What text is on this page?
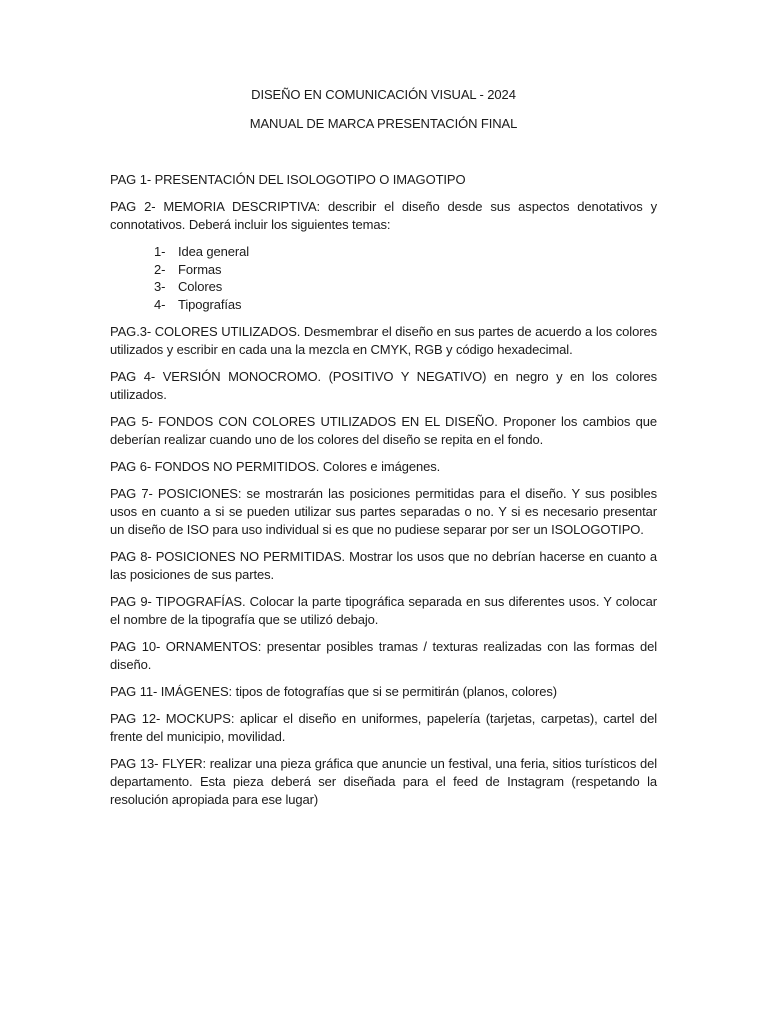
DISEÑO EN COMUNICACIÓN VISUAL - 2024

MANUAL DE MARCA PRESENTACIÓN FINAL

PAG 1- PRESENTACIÓN DEL ISOLOGOTIPO O IMAGOTIPO

PAG 2- MEMORIA DESCRIPTIVA: describir el diseño desde sus aspectos denotativos y connotativos. Deberá incluir los siguientes temas:

1- Idea general
2- Formas
3- Colores
4- Tipografías

PAG.3- COLORES UTILIZADOS. Desmembrar el diseño en sus partes de acuerdo a los colores utilizados y escribir en cada una la mezcla en CMYK, RGB y código hexadecimal.

PAG 4- VERSIÓN MONOCROMO. (POSITIVO Y NEGATIVO) en negro y en los colores utilizados.

PAG 5- FONDOS CON COLORES UTILIZADOS EN EL DISEÑO. Proponer los cambios que deberían realizar cuando uno de los colores del diseño se repita en el fondo.

PAG 6- FONDOS NO PERMITIDOS. Colores e imágenes.

PAG 7- POSICIONES: se mostrarán las posiciones permitidas para el diseño. Y sus posibles usos en cuanto a si se pueden utilizar sus partes separadas o no. Y si es necesario presentar un diseño de ISO para uso individual si es que no pudiese separar por ser un ISOLOGOTIPO.

PAG 8- POSICIONES NO PERMITIDAS. Mostrar los usos que no debrían hacerse en cuanto a las posiciones de sus partes.

PAG 9- TIPOGRAFÍAS. Colocar la parte tipográfica separada en sus diferentes usos. Y colocar el nombre de la tipografía que se utilizó debajo.

PAG 10- ORNAMENTOS: presentar posibles tramas / texturas realizadas con las formas del diseño.

PAG 11- IMÁGENES: tipos de fotografías que si se permitirán (planos, colores)

PAG 12- MOCKUPS: aplicar el diseño en uniformes, papelería (tarjetas, carpetas), cartel del frente del municipio, movilidad.

PAG 13- FLYER: realizar una pieza gráfica que anuncie un festival, una feria, sitios turísticos del departamento. Esta pieza deberá ser diseñada para el feed de Instagram (respetando la resolución apropiada para ese lugar)
